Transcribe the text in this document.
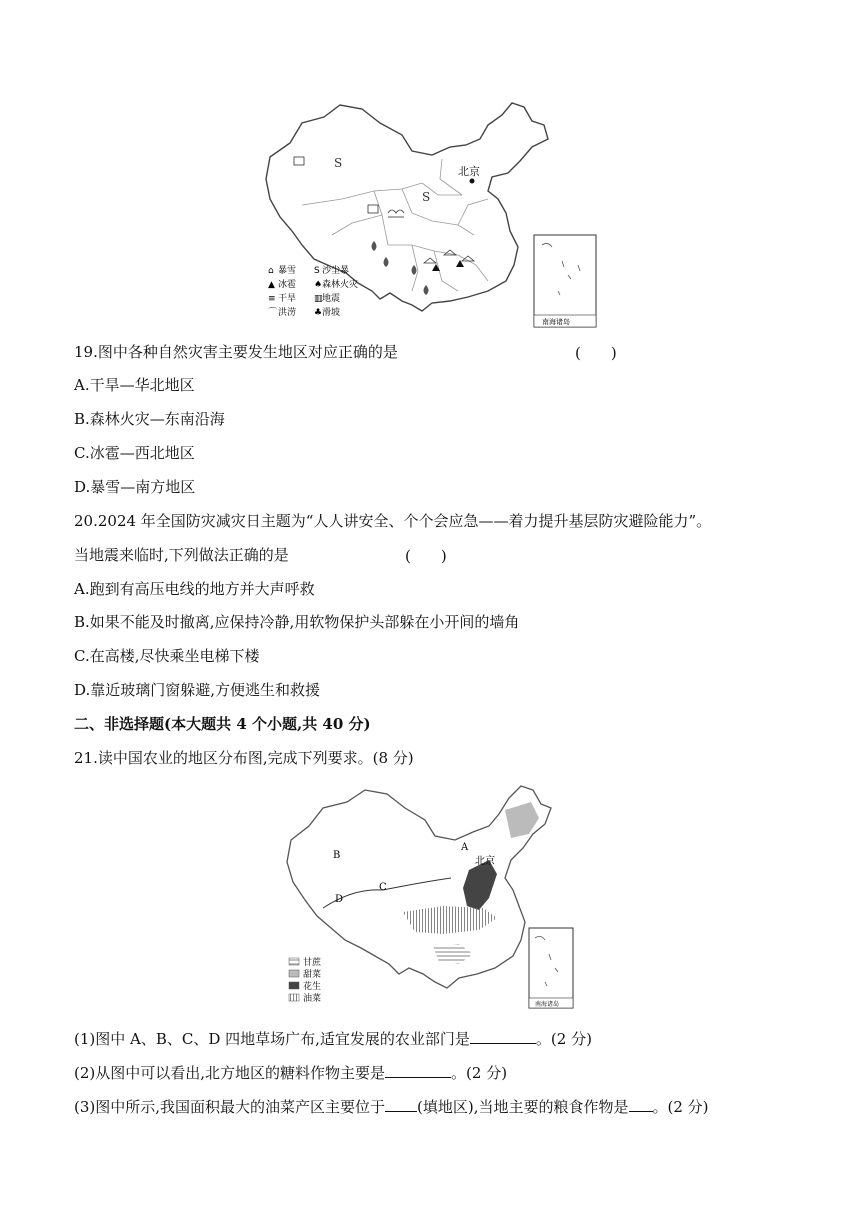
北京
S
S
⌂ 暴雪 S 沙尘暴
▲ 冰雹 ♠ 森林火灾
≡ 干旱 ▥ 地震
⌒ 洪涝 ♣ 滑坡
南海诸岛
19.图中各种自然灾害主要发生地区对应正确的是	(　　)
A.干旱—华北地区
B.森林火灾—东南沿海
C.冰雹—西北地区
D.暴雪—南方地区
20.2024 年全国防灾减灾日主题为“人人讲安全、个个会应急——着力提升基层防灾避险能力”。
当地震来临时,下列做法正确的是	(　　)
A.跑到有高压电线的地方并大声呼救
B.如果不能及时撤离,应保持冷静,用软物保护头部躲在小开间的墙角
C.在高楼,尽快乘坐电梯下楼
D.靠近玻璃门窗躲避,方便逃生和救援
二、非选择题(本大题共 4 个小题,共 40 分)
21.读中国农业的地区分布图,完成下列要求。(8 分)
北京
A
B
C
D
甘蔗
甜菜
花生
油菜
南海诸岛
(1)图中 A、B、C、D 四地草场广布,适宜发展的农业部门是	。(2 分)
(2)从图中可以看出,北方地区的糖料作物主要是	。(2 分)
(3)图中所示,我国面积最大的油菜产区主要位于 (填地区),当地主要的粮食作物是 。(2 分)
